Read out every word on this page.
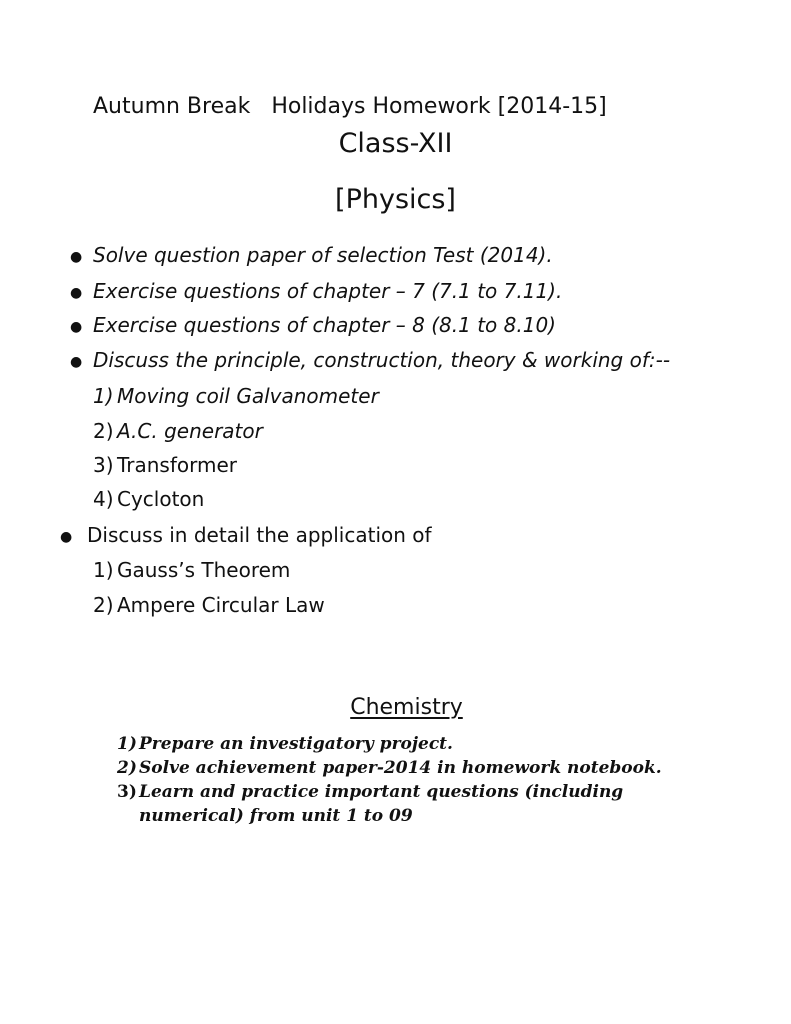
Autumn Break   Holidays Homework [2014-15]
Class-XII
[Physics]
● Solve question paper of selection Test (2014).
● Exercise questions of chapter – 7 (7.1 to 7.11).
● Exercise questions of chapter – 8 (8.1 to 8.10)
● Discuss the principle, construction, theory & working of:--
1) Moving coil Galvanometer
2) A.C. generator
3) Transformer
4) Cycloton
● Discuss in detail the application of
1) Gauss’s Theorem
2) Ampere Circular Law
Chemistry
1) Prepare an investigatory project.
2) Solve achievement paper-2014 in homework notebook.
3) Learn and practice important questions (including
numerical) from unit 1 to 09
